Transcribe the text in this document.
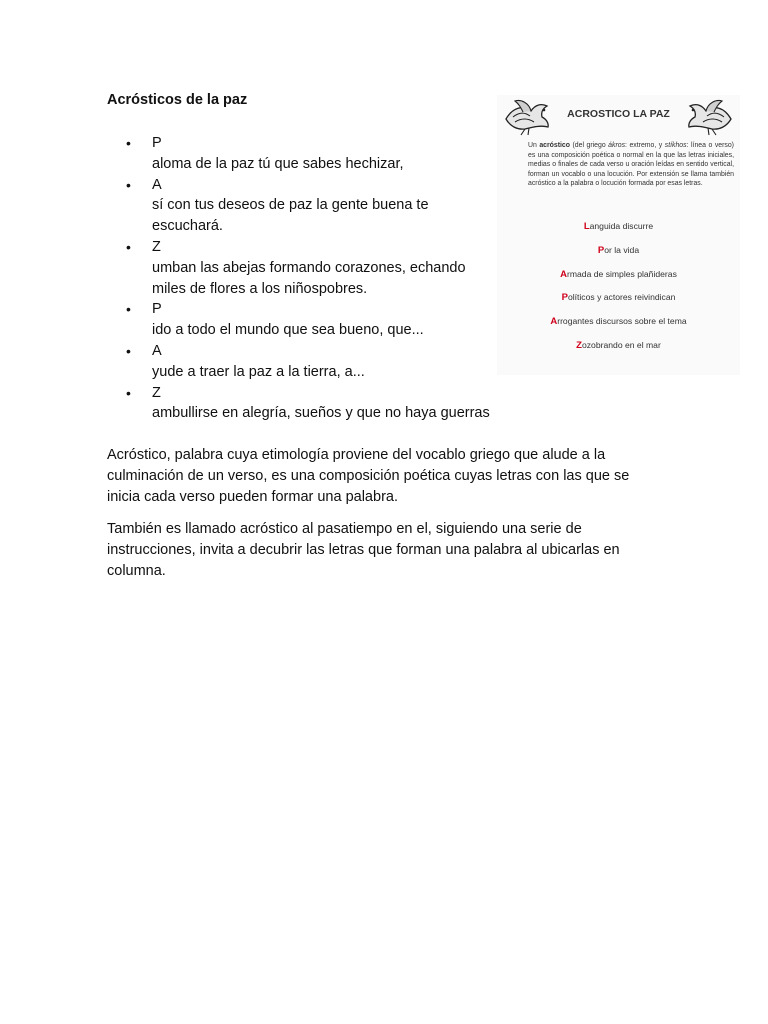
Acrósticos de la paz
• P
aloma de la paz tú que sabes hechizar,
• A
sí con tus deseos de paz la gente buena te escuchará.
• Z
umban las abejas formando corazones, echando miles de flores a los niñospobres.
• P
ido a todo el mundo que sea bueno, que...
• A
yude a traer la paz a la tierra, a...
• Z
ambullirse en alegría, sueños y que no haya guerras

Acróstico, palabra cuya etimología proviene del vocablo griego que alude a la culminación de un verso, es una composición poética cuyas letras con las que se inicia cada verso pueden formar una palabra.

También es llamado acróstico al pasatiempo en el, siguiendo una serie de instrucciones, invita a decubrir las letras que forman una palabra al ubicarlas en columna.

ACROSTICO LA PAZ
Un acróstico (del griego ákros: extremo, y stíkhos: línea o verso) es una composición poética o normal en la que las letras iniciales, medias o finales de cada verso u oración leídas en sentido vertical, forman un vocablo o una locución. Por extensión se llama también acróstico a la palabra o locución formada por esas letras.
Languida discurre
Por la vida
Armada de simples plañideras
Políticos y actores reivindican
Arrogantes discursos sobre el tema
Zozobrando en el mar
